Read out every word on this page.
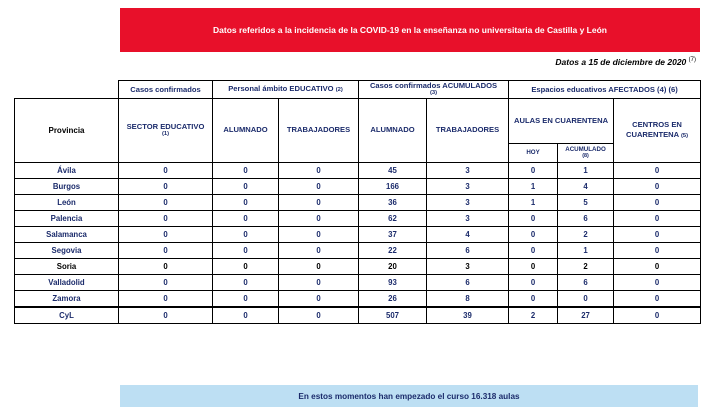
Datos referidos a la incidencia de la COVID-19 en la enseñanza no universitaria de Castilla y León
Datos a 15 de diciembre de 2020 $^{(7)}$
	Casos confirmados	Personal ámbito EDUCATIVO (2)		Casos confirmados ACUMULADOS
(3)		Espacios educativos AFECTADOS (4) (6)		
Provincia	SECTOR EDUCATIVO
(1)	ALUMNADO	TRABAJADORES	ALUMNADO	TRABAJADORES	AULAS EN CUARENTENA		CENTROS EN CUARENTENA (5)
						HOY	ACUMULADO
(8)	

Ávila	0	0	0	45	3	0	1	0
Burgos	0	0	0	166	3	1	4	0
León	0	0	0	36	3	1	5	0
Palencia	0	0	0	62	3	0	6	0
Salamanca	0	0	0	37	4	0	2	0
Segovia	0	0	0	22	6	0	1	0
Soria	0	0	0	20	3	0	2	0
Valladolid	0	0	0	93	6	0	6	0
Zamora	0	0	0	26	8	0	0	0
CyL	0	0	0	507	39	2	27	0
En estos momentos han empezado el curso 16.318 aulas
